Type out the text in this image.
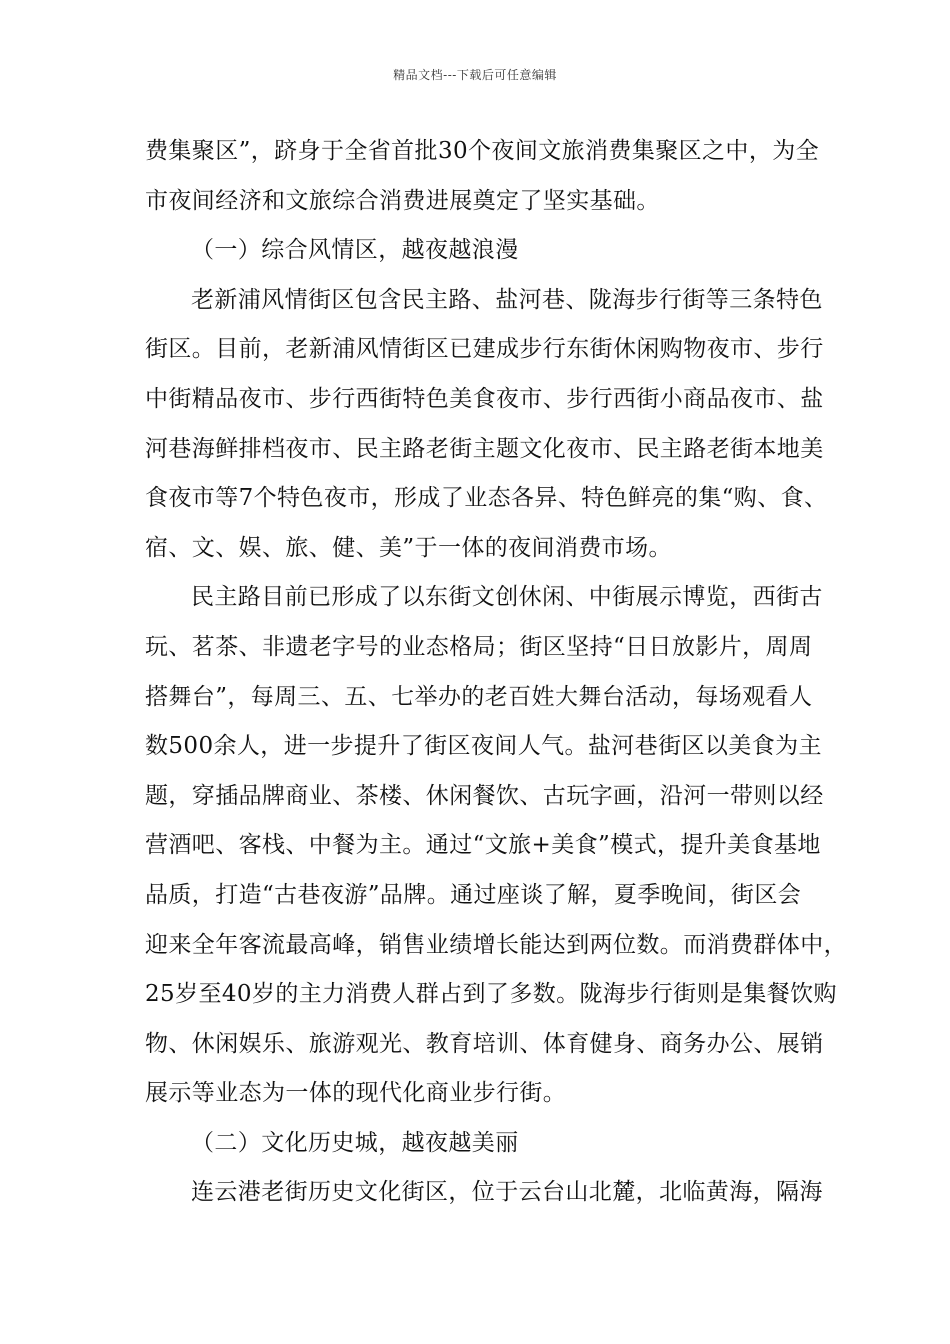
精品文档---下载后可任意编辑
费集聚区”，跻身于全省首批30个夜间文旅消费集聚区之中，为全
市夜间经济和文旅综合消费进展奠定了坚实基础。
（一）综合风情区，越夜越浪漫
老新浦风情街区包含民主路、盐河巷、陇海步行街等三条特色
街区。目前，老新浦风情街区已建成步行东街休闲购物夜市、步行
中街精品夜市、步行西街特色美食夜市、步行西街小商品夜市、盐
河巷海鲜排档夜市、民主路老街主题文化夜市、民主路老街本地美
食夜市等7个特色夜市，形成了业态各异、特色鲜亮的集“购、食、
宿、文、娱、旅、健、美”于一体的夜间消费市场。
民主路目前已形成了以东街文创休闲、中街展示博览，西街古
玩、茗茶、非遗老字号的业态格局；街区坚持“日日放影片，周周
搭舞台”，每周三、五、七举办的老百姓大舞台活动，每场观看人
数500余人，进一步提升了街区夜间人气。盐河巷街区以美食为主
题，穿插品牌商业、茶楼、休闲餐饮、古玩字画，沿河一带则以经
营酒吧、客栈、中餐为主。通过“文旅+美食”模式，提升美食基地
品质，打造“古巷夜游”品牌。通过座谈了解，夏季晚间，街区会
迎来全年客流最高峰，销售业绩增长能达到两位数。而消费群体中，
25岁至40岁的主力消费人群占到了多数。陇海步行街则是集餐饮购
物、休闲娱乐、旅游观光、教育培训、体育健身、商务办公、展销
展示等业态为一体的现代化商业步行街。
（二）文化历史城，越夜越美丽
连云港老街历史文化街区，位于云台山北麓，北临黄海，隔海
